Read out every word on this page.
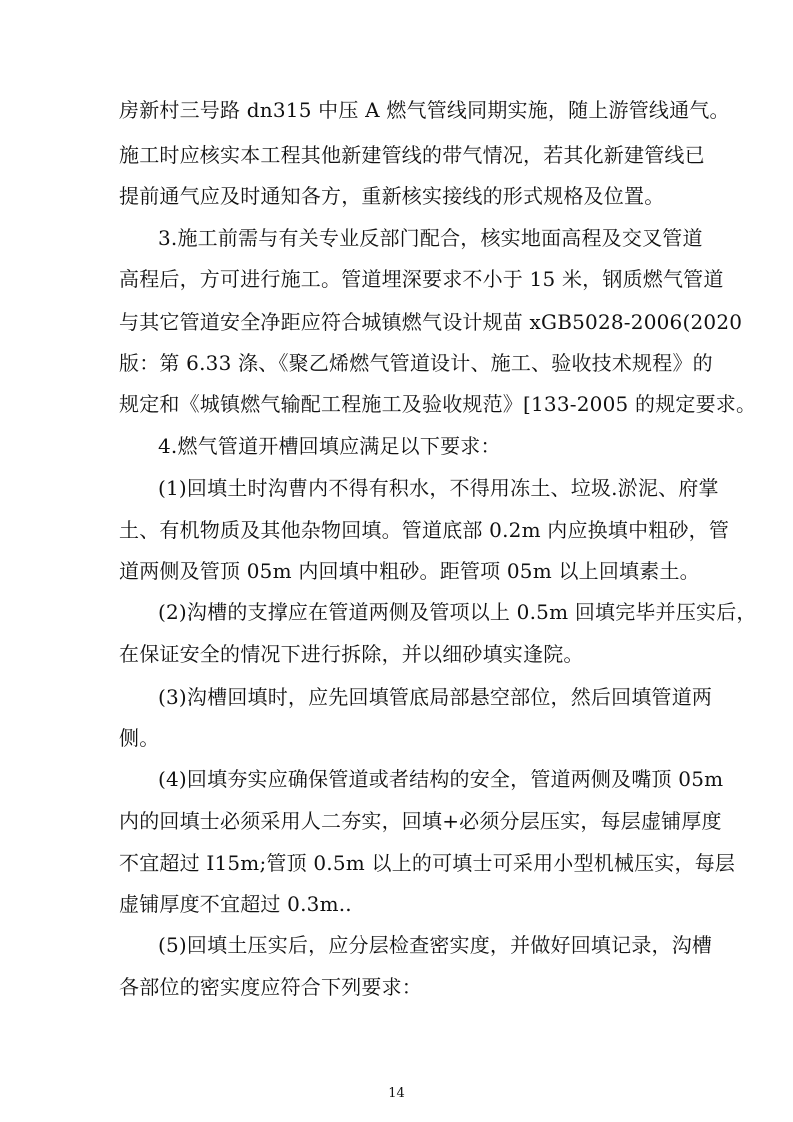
房新村三号路 dn315 中压 A 燃气管线同期实施，随上游管线通气。
施工时应核实本工程其他新建管线的带气情况，若其化新建管线已
提前通气应及时通知各方，重新核实接线的形式规格及位置。
3.施工前需与有关专业反部门配合，核实地面高程及交叉管道
高程后，方可进行施工。管道埋深要求不小于 15 米，钢质燃气管道
与其它管道安全净距应符合城镇燃气设计规苗 xGB5028-2006(2020
版：第 6.33 涤、《聚乙烯燃气管道设计、施工、验收技术规程》的
规定和《城镇燃气输配工程施工及验收规范》[133-2005 的规定要求。
4.燃气管道开槽回填应满足以下要求：
(1)回填土时沟曹内不得有积水，不得用冻土、垃圾.淤泥、府掌
土、有机物质及其他杂物回填。管道底部 0.2m 内应换填中粗砂，管
道两侧及管顶 05m 内回填中粗砂。距管项 05m 以上回填素土。
(2)沟槽的支撑应在管道两侧及管项以上 0.5m 回填完毕并压实后，
在保证安全的情况下进行拆除，并以细砂填实逢院。
(3)沟槽回填时，应先回填管底局部悬空部位，然后回填管道两
侧。
(4)回填夯实应确保管道或者结构的安全，管道两侧及嘴顶 05m
内的回填士必须采用人二夯实，回填+必须分层压实，每层虚铺厚度
不宜超过 I15m;管顶 0.5m 以上的可填士可采用小型机械压实，每层
虚铺厚度不宜超过 0.3m..
(5)回填土压实后，应分层检查密实度，并做好回填记录，沟槽
各部位的密实度应符合下列要求：
14
